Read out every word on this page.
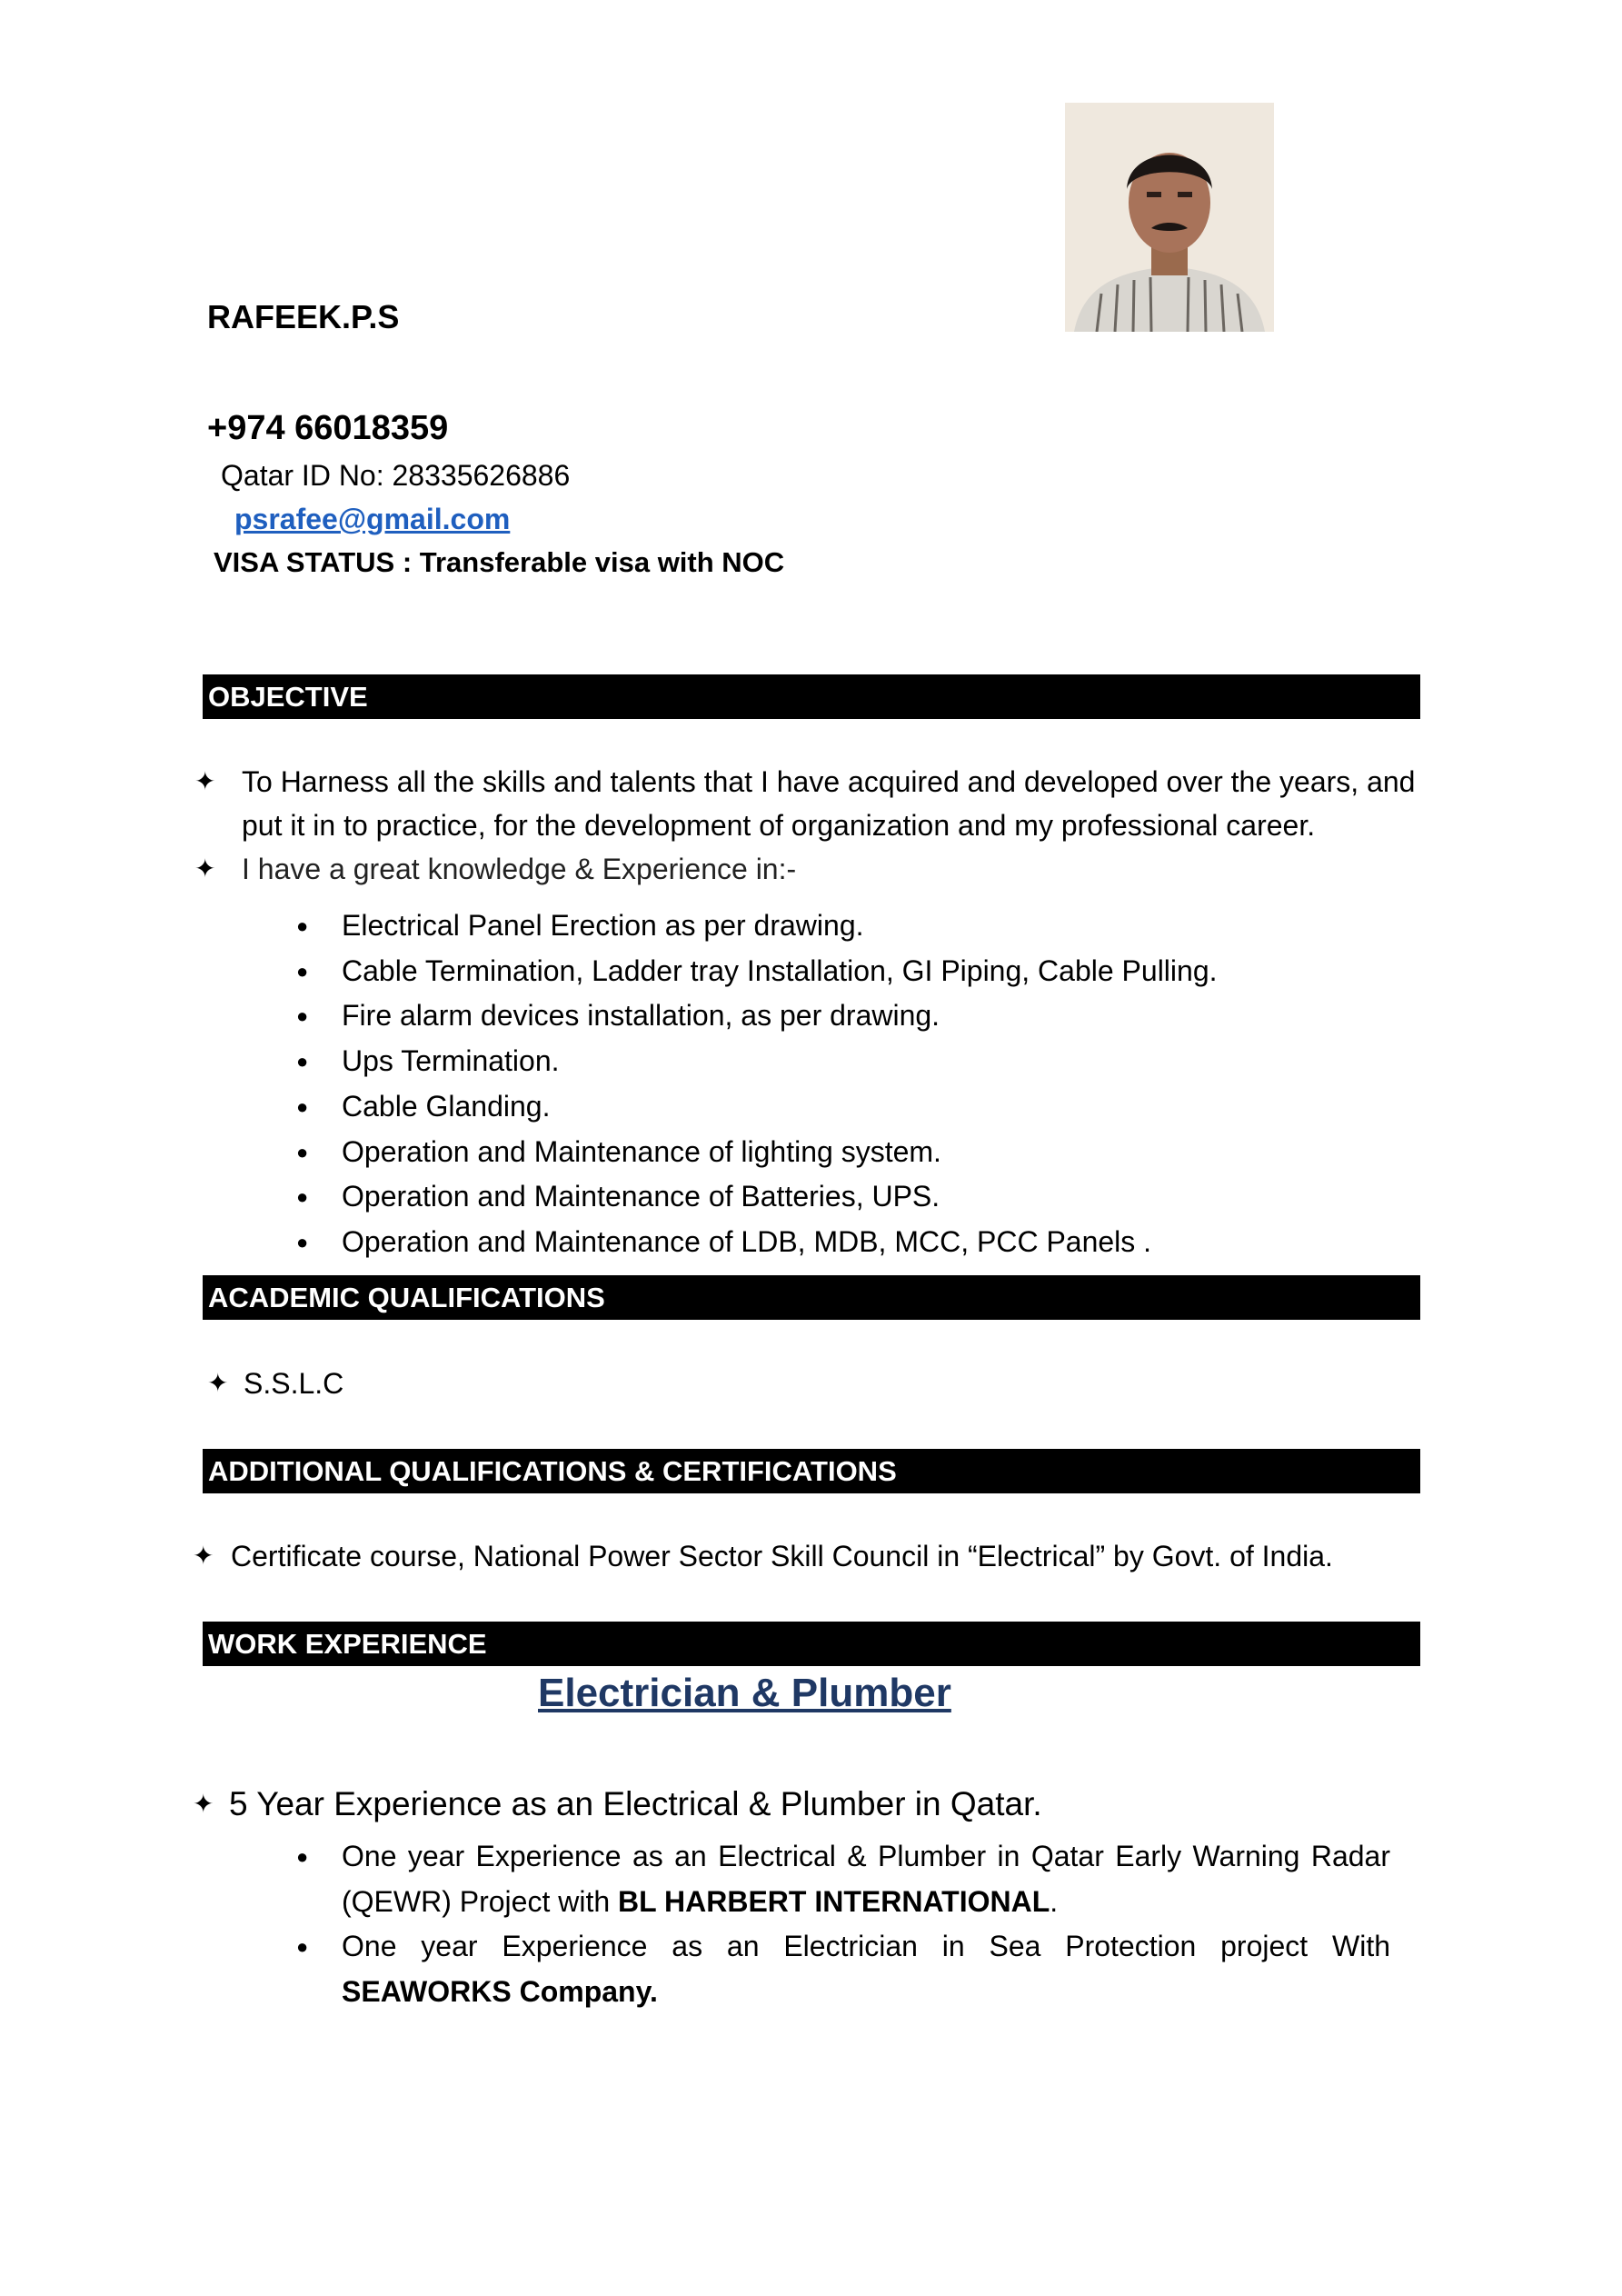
RAFEEK.P.S
+974 66018359
Qatar ID No: 28335626886
psrafee@gmail.com
VISA STATUS : Transferable visa with NOC
OBJECTIVE
✦ To Harness all the skills and talents that I have acquired and developed over the years, and put it in to practice, for the development of organization and my professional career.
✦ I have a great knowledge & Experience in:-
● Electrical Panel Erection as per drawing.
● Cable Termination, Ladder tray Installation, GI Piping, Cable Pulling.
● Fire alarm devices installation, as per drawing.
● Ups Termination.
● Cable Glanding.
● Operation and Maintenance of lighting system.
● Operation and Maintenance of Batteries, UPS.
● Operation and Maintenance of LDB, MDB, MCC, PCC Panels .
ACADEMIC QUALIFICATIONS
✦ S.S.L.C
ADDITIONAL QUALIFICATIONS & CERTIFICATIONS
✦ Certificate course, National Power Sector Skill Council in “Electrical” by Govt. of India.
WORK EXPERIENCE
Electrician & Plumber
✦ 5 Year Experience as an Electrical & Plumber in Qatar.
● One year Experience as an Electrical & Plumber in Qatar Early Warning Radar (QEWR) Project with BL HARBERT INTERNATIONAL.
● One year Experience as an Electrician in Sea Protection project With SEAWORKS Company.
